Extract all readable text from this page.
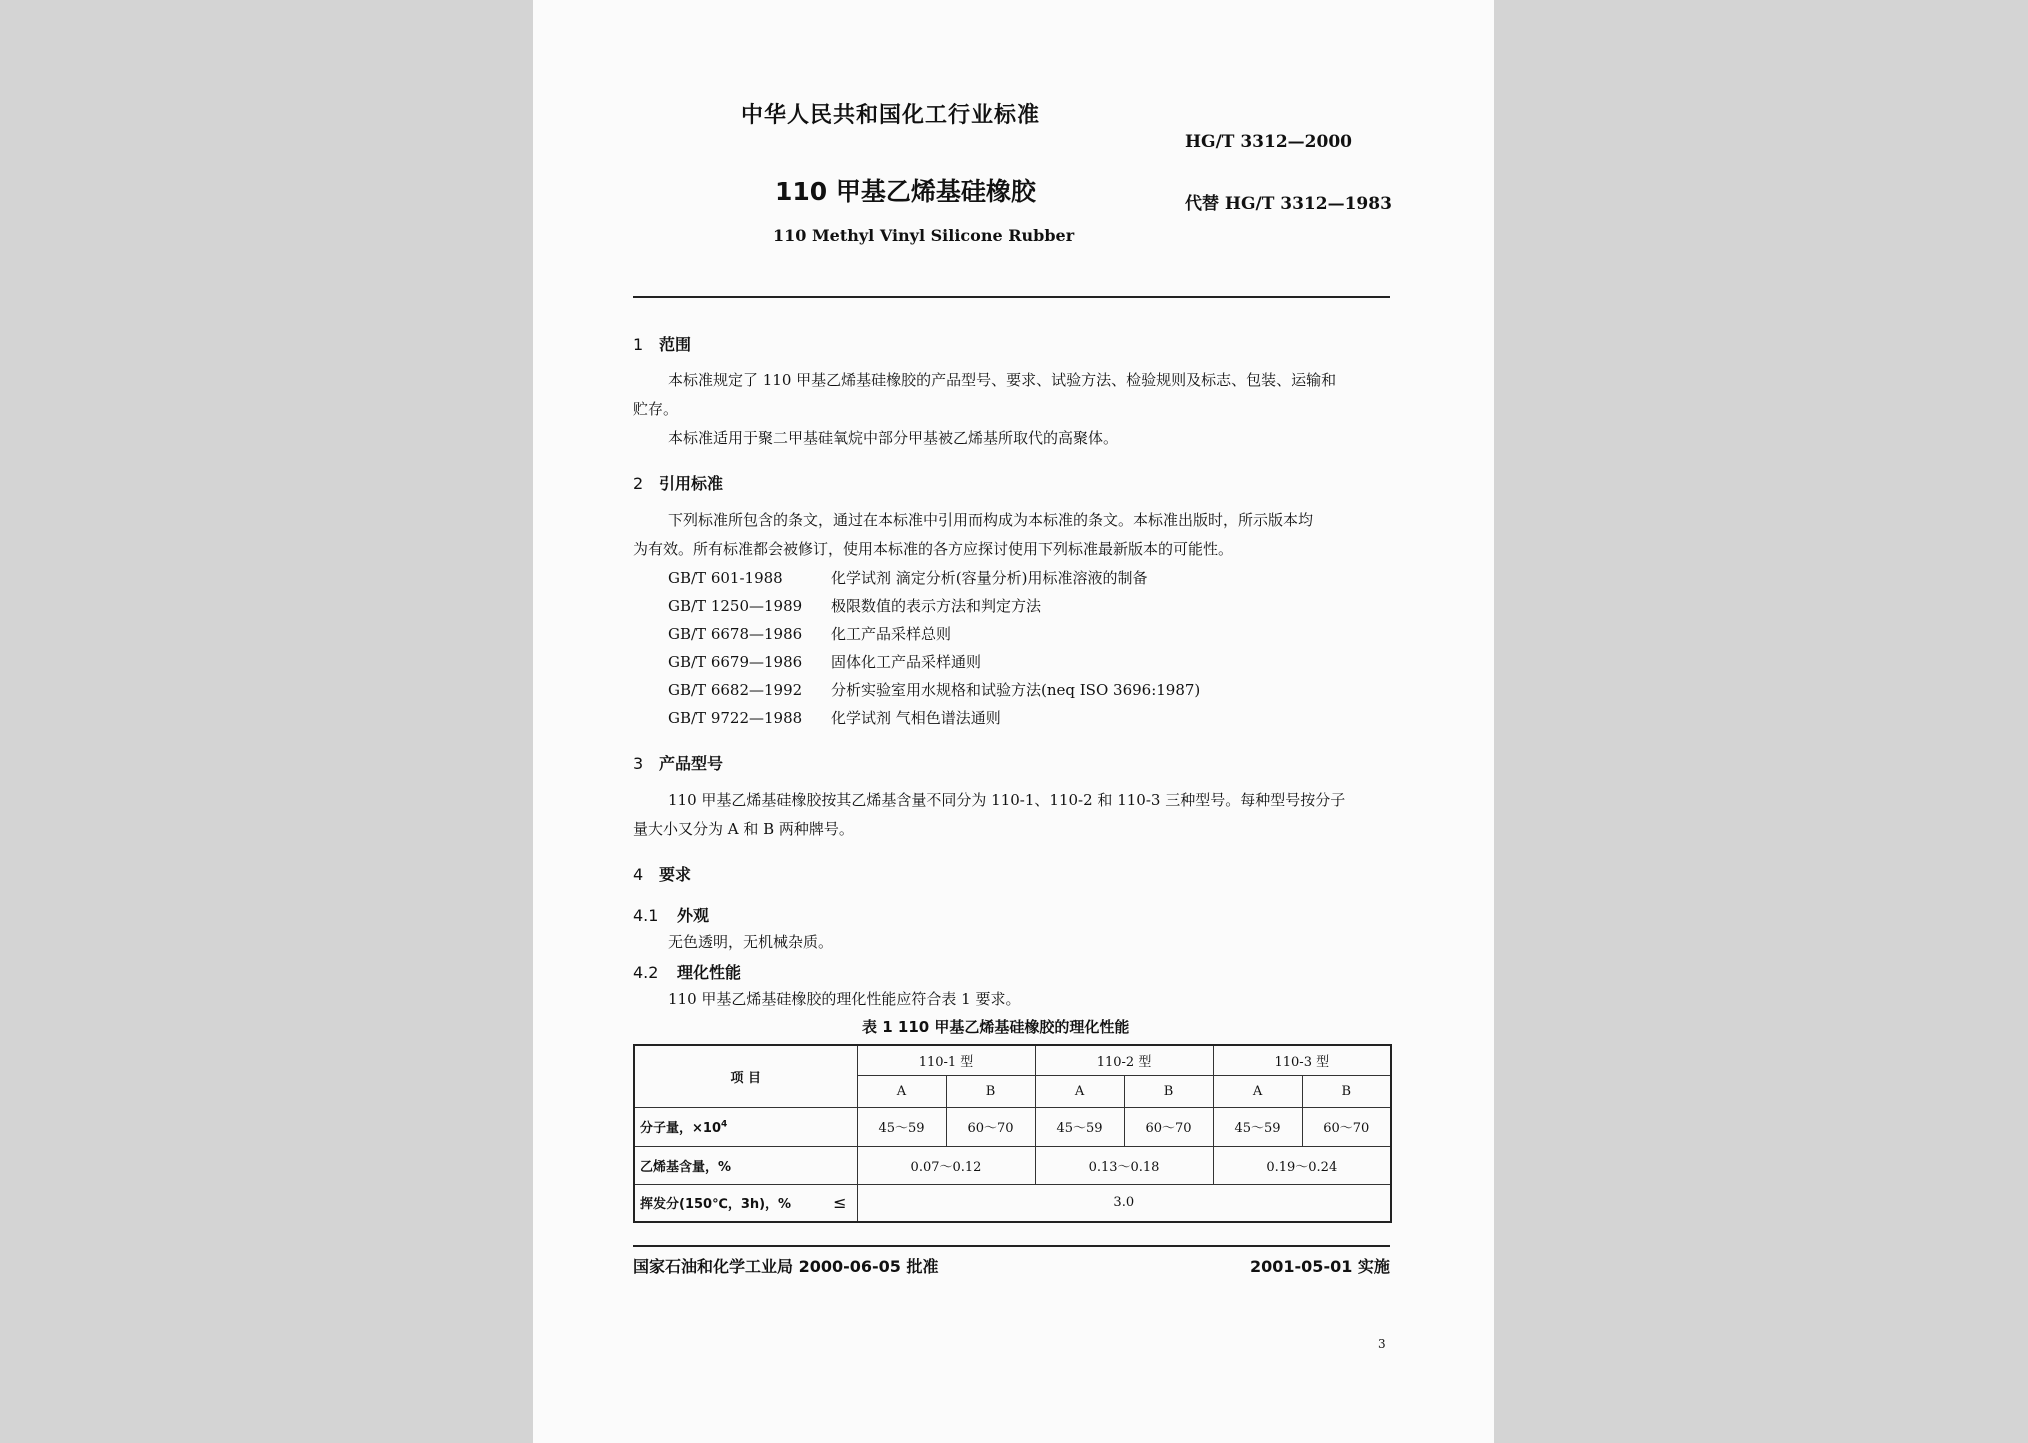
中华人民共和国化工行业标准
HG/T 3312—2000
110 甲基乙烯基硅橡胶	代替 HG/T 3312—1983
110 Methyl Vinyl Silicone Rubber
1 范围
本标准规定了 110 甲基乙烯基硅橡胶的产品型号、要求、试验方法、检验规则及标志、包装、运输和
贮存。
本标准适用于聚二甲基硅氧烷中部分甲基被乙烯基所取代的高聚体。
2 引用标准
下列标准所包含的条文，通过在本标准中引用而构成为本标准的条文。本标准出版时，所示版本均
为有效。所有标准都会被修订，使用本标准的各方应探讨使用下列标准最新版本的可能性。
GB/T 601-1988	化学试剂 滴定分析(容量分析)用标准溶液的制备
GB/T 1250—1989 极限数值的表示方法和判定方法
GB/T 6678—1986 化工产品采样总则
GB/T 6679—1986 固体化工产品采样通则
GB/T 6682—1992 分析实验室用水规格和试验方法(neq ISO 3696:1987)
GB/T 9722—1988 化学试剂 气相色谱法通则
3 产品型号
110 甲基乙烯基硅橡胶按其乙烯基含量不同分为 110-1、110-2 和 110-3 三种型号。每种型号按分子
量大小又分为 A 和 B 两种牌号。
4 要求
4.1 外观
无色透明，无机械杂质。
4.2 理化性能
110 甲基乙烯基硅橡胶的理化性能应符合表 1 要求。
表 1 110 甲基乙烯基硅橡胶的理化性能
项 目	110-1 型		110-2 型		110-3 型	
	A	B	A	B	A	B
分子量，$\times 10^4$	45～59	60～70	45～59	60～70	45～59	60～70
乙烯基含量，%	0.07～0.12		0.13～0.18		0.19～0.24	
挥发分(150℃，3h)，% ≤	3.0					
国家石油和化学工业局 2000-06-05 批准	2001-05-01 实施
3
